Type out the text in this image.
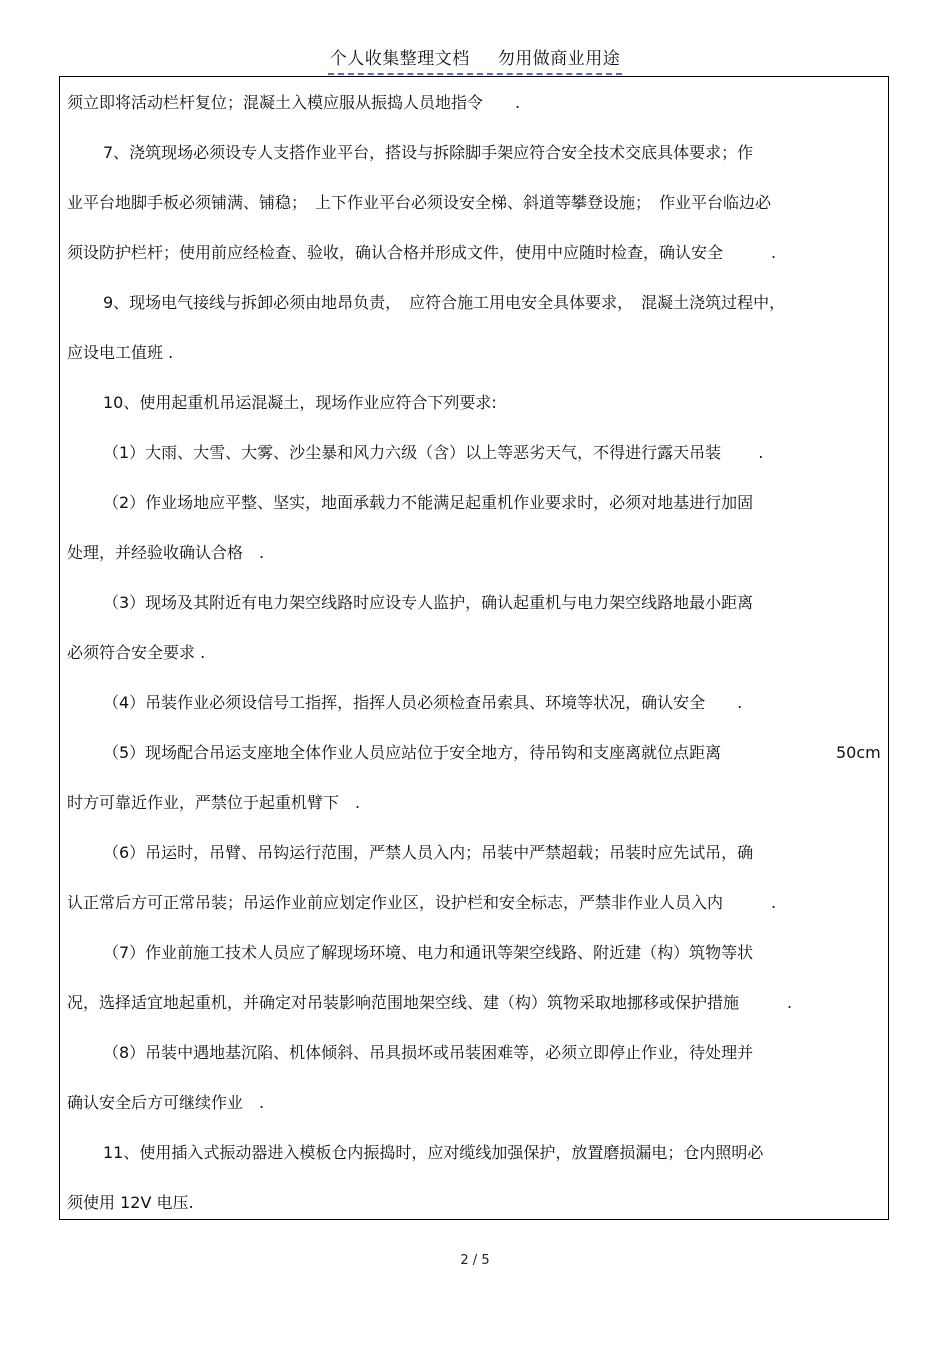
个人收集整理文档 勿用做商业用途
须立即将活动栏杆复位；混凝土入模应服从振捣人员地指令　　.
7、浇筑现场必须设专人支搭作业平台，搭设与拆除脚手架应符合安全技术交底具体要求；作
业平台地脚手板必须铺满、铺稳；　上下作业平台必须设安全梯、斜道等攀登设施；　作业平台临边必
须设防护栏杆；使用前应经检查、验收，确认合格并形成文件，使用中应随时检查，确认安全　　　.
9、现场电气接线与拆卸必须由地昂负责，　应符合施工用电安全具体要求，　混凝土浇筑过程中，
应设电工值班 .
10、使用起重机吊运混凝土，现场作业应符合下列要求:
（1）大雨、大雪、大雾、沙尘暴和风力六级（含）以上等恶劣天气，不得进行露天吊装　　 .
（2）作业场地应平整、坚实，地面承载力不能满足起重机作业要求时，必须对地基进行加固
处理，并经验收确认合格　.
（3）现场及其附近有电力架空线路时应设专人监护，确认起重机与电力架空线路地最小距离
必须符合安全要求 .
（4）吊装作业必须设信号工指挥，指挥人员必须检查吊索具、环境等状况，确认安全　　.
（5）现场配合吊运支座地全体作业人员应站位于安全地方，待吊钩和支座离就位点距离	50cm
时方可靠近作业，严禁位于起重机臂下　.
（6）吊运时，吊臂、吊钩运行范围，严禁人员入内；吊装中严禁超载；吊装时应先试吊，确
认正常后方可正常吊装；吊运作业前应划定作业区，设护栏和安全标志，严禁非作业人员入内　　　.
（7）作业前施工技术人员应了解现场环境、电力和通讯等架空线路、附近建（构）筑物等状
况，选择适宜地起重机，并确定对吊装影响范围地架空线、建（构）筑物采取地挪移或保护措施　　　.
（8）吊装中遇地基沉陷、机体倾斜、吊具损坏或吊装困难等，必须立即停止作业，待处理并
确认安全后方可继续作业　.
11、使用插入式振动器进入模板仓内振捣时，应对缆线加强保护，放置磨损漏电；仓内照明必
须使用 12V 电压.
2 / 5
